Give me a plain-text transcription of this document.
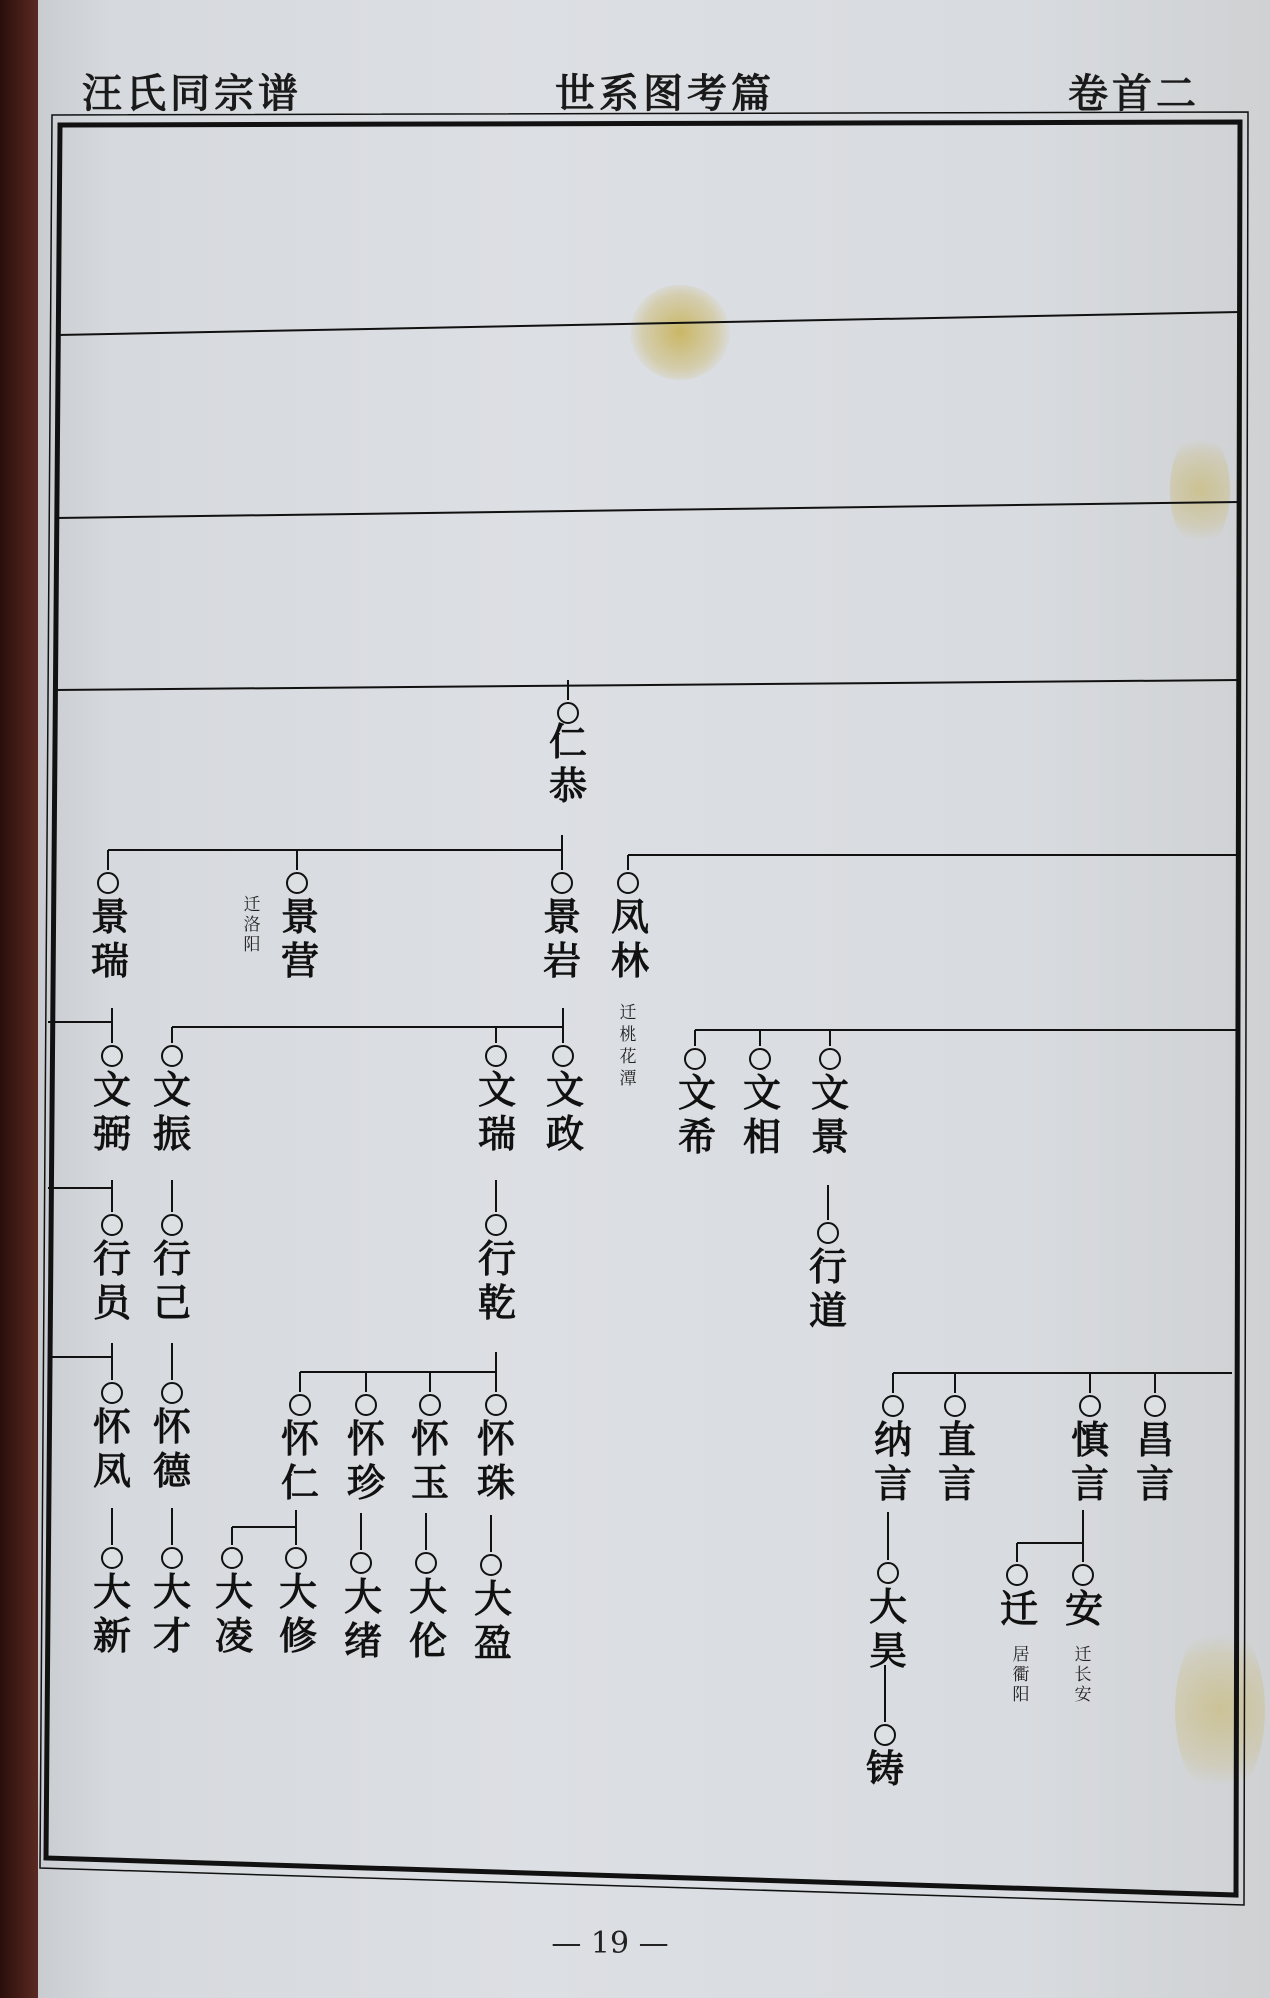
汪氏同宗谱	世系图考篇	卷首二
仁恭
景瑞
景营
景岩
凤林
文弼
文振
文瑞
文政
文希
文相
文景
行员
行己
行乾
行道
怀凤
怀德
怀仁
怀珍
怀玉
怀珠
纳言
直言
慎言
昌言
大新
大才
大凌
大修
大绪
大伦
大盈
大昊
迁 安
铸
迁洛阳
迁桃花潭
居衢阳
迁长安
— 19 —
